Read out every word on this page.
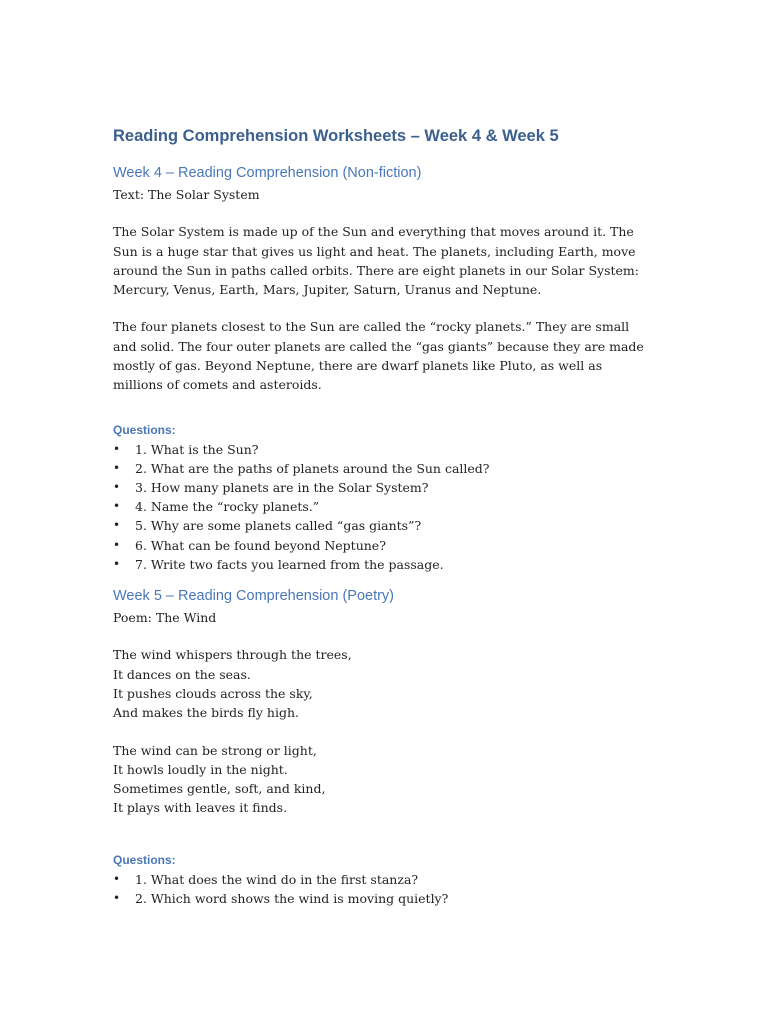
Reading Comprehension Worksheets – Week 4 & Week 5
Week 4 – Reading Comprehension (Non-fiction)

Text: The Solar System

The Solar System is made up of the Sun and everything that moves around it. The Sun is a huge star that gives us light and heat. The planets, including Earth, move around the Sun in paths called orbits. There are eight planets in our Solar System: Mercury, Venus, Earth, Mars, Jupiter, Saturn, Uranus and Neptune.

The four planets closest to the Sun are called the “rocky planets.” They are small and solid. The four outer planets are called the “gas giants” because they are made mostly of gas. Beyond Neptune, there are dwarf planets like Pluto, as well as millions of comets and asteroids.

Questions:

• 1. What is the Sun?
• 2. What are the paths of planets around the Sun called?
• 3. How many planets are in the Solar System?
• 4. Name the “rocky planets.”
• 5. Why are some planets called “gas giants”?
• 6. What can be found beyond Neptune?
• 7. Write two facts you learned from the passage.
Week 5 – Reading Comprehension (Poetry)

Poem: The Wind

The wind whispers through the trees,

It dances on the seas.

It pushes clouds across the sky,

And makes the birds fly high.

The wind can be strong or light,

It howls loudly in the night.

Sometimes gentle, soft, and kind,

It plays with leaves it finds.

Questions:

• 1. What does the wind do in the first stanza?
• 2. Which word shows the wind is moving quietly?
